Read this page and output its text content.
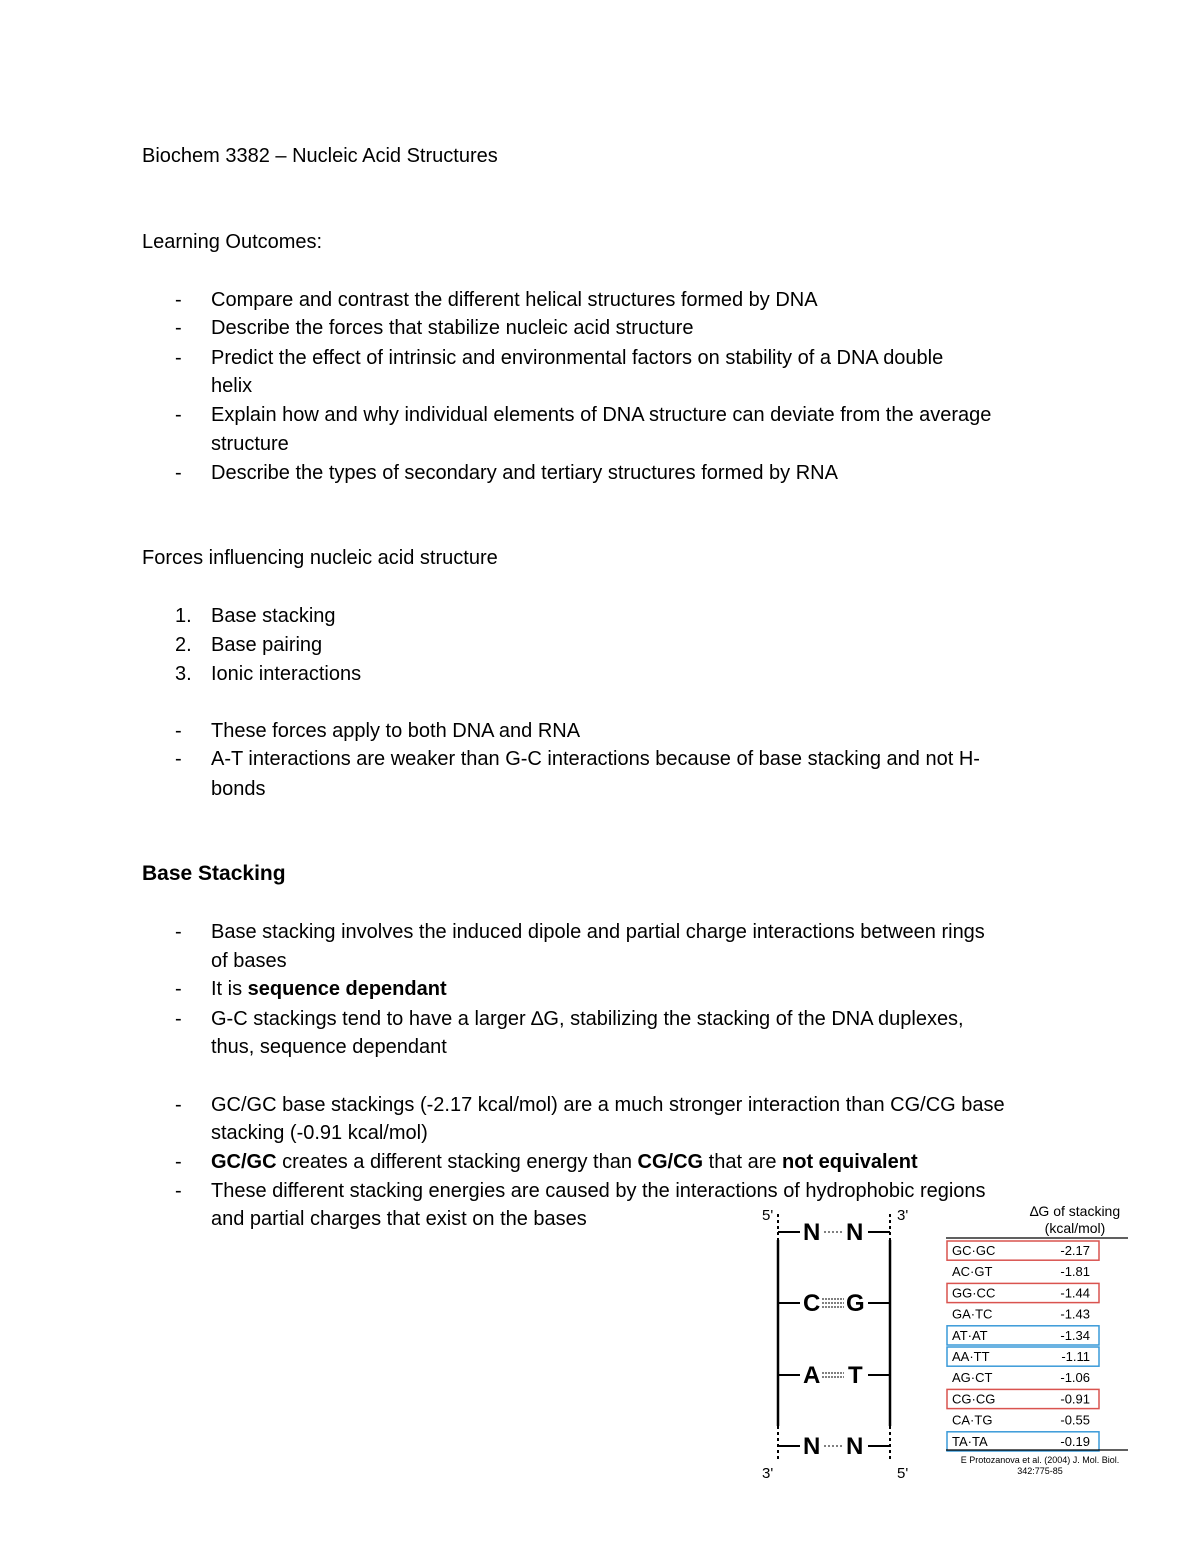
Biochem 3382 – Nucleic Acid Structures
Learning Outcomes:
- Compare and contrast the different helical structures formed by DNA
- Describe the forces that stabilize nucleic acid structure
- Predict the effect of intrinsic and environmental factors on stability of a DNA double
helix
- Explain how and why individual elements of DNA structure can deviate from the average
structure
- Describe the types of secondary and tertiary structures formed by RNA
Forces influencing nucleic acid structure
1. Base stacking
2. Base pairing
3. Ionic interactions
- These forces apply to both DNA and RNA
- A-T interactions are weaker than G-C interactions because of base stacking and not H-
bonds
Base Stacking
- Base stacking involves the induced dipole and partial charge interactions between rings
of bases
- It is sequence dependant
- G-C stackings tend to have a larger ∆G, stabilizing the stacking of the DNA duplexes,
thus, sequence dependant
- GC/GC base stackings (-2.17 kcal/mol) are a much stronger interaction than CG/CG base
stacking (-0.91 kcal/mol)
- GC/GC creates a different stacking energy than CG/CG that are not equivalent
- These different stacking energies are caused by the interactions of hydrophobic regions
and partial charges that exist on the bases	5'	3'
3'	5'
N N
C G
A T
N N
∆G of stacking
(kcal/mol)
GC·GC	-2.17
AC·GT	-1.81
GG·CC	-1.44
GA·TC	-1.43
AT·AT	-1.34
AA·TT	-1.11
AG·CT	-1.06
CG·CG	-0.91
CA·TG	-0.55
TA·TA	-0.19
E Protozanova et al. (2004) J. Mol. Biol.
342:775-85
